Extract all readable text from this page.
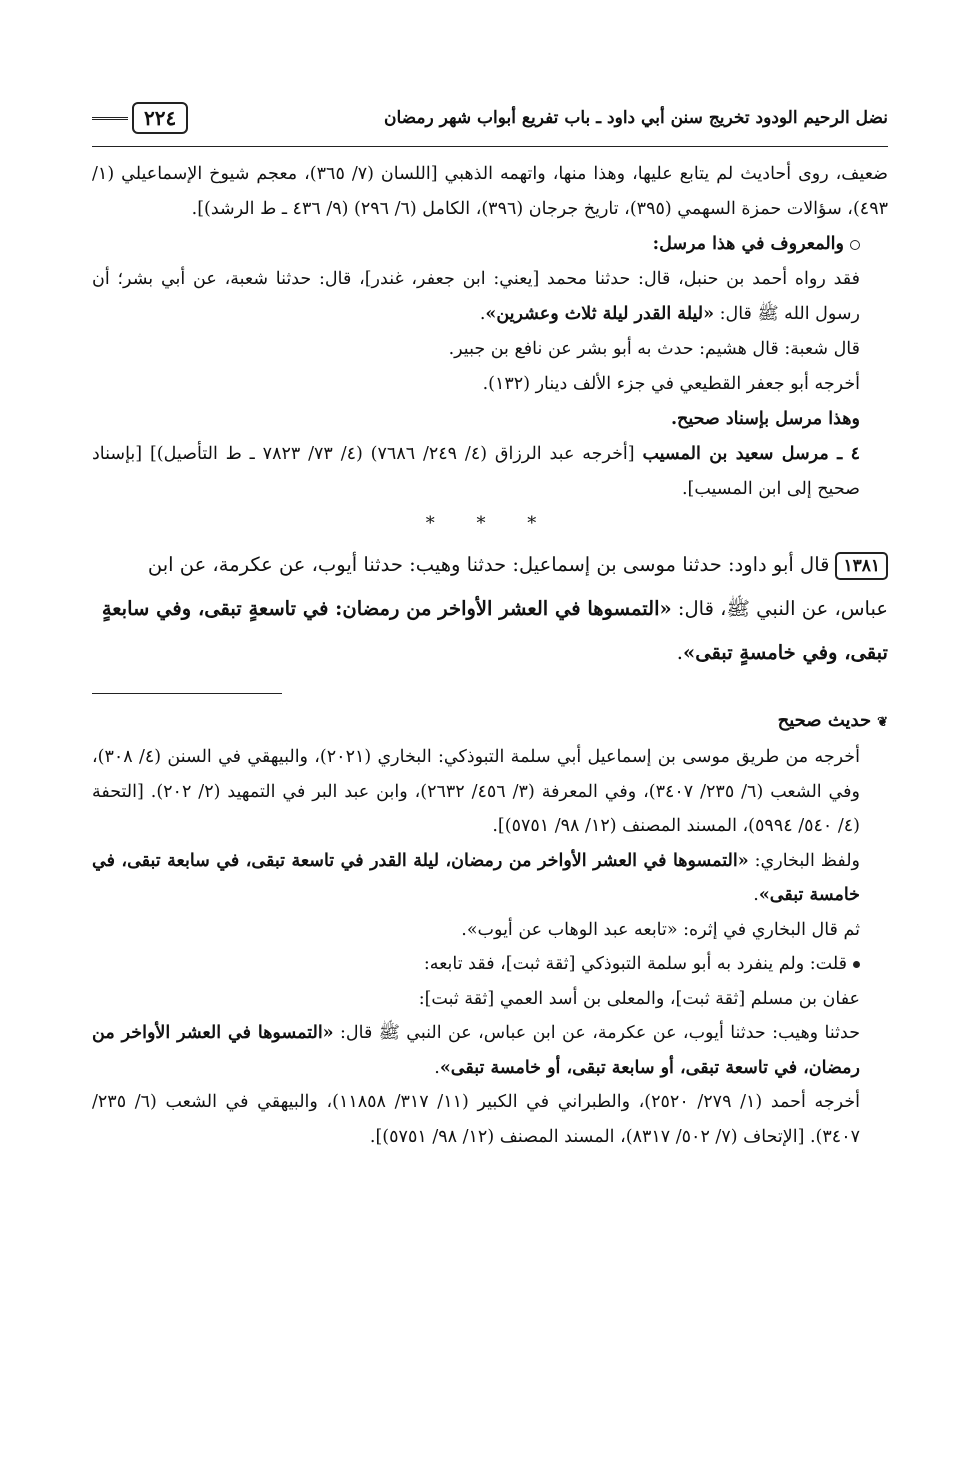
نضل الرحيم الودود تخريج سنن أبي داود ـ باب تفريع أبواب شهر رمضان
٢٢٤

ضعيف، روى أحاديث لم يتابع عليها، وهذا منها، واتهمه الذهبي [اللسان (٧/ ٣٦٥)، معجم شيوخ الإسماعيلي (١/ ٤٩٣)، سؤالات حمزة السهمي (٣٩٥)، تاريخ جرجان (٣٩٦)، الكامل (٦/ ٢٩٦) (٩/ ٤٣٦ ـ ط الرشد)].

والمعروف في هذا مرسل:

فقد رواه أحمد بن حنبل، قال: حدثنا محمد [يعني: ابن جعفر، غندر]، قال: حدثنا شعبة، عن أبي بشر؛ أن رسول الله ﷺ قال: «ليلة القدر ليلة ثلاث وعشرين».

قال شعبة: قال هشيم: حدث به أبو بشر عن نافع بن جبير.

أخرجه أبو جعفر القطيعي في جزء الألف دينار (١٣٢).

وهذا مرسل بإسناد صحيح.

٤ ـ مرسل سعيد بن المسيب [أخرجه عبد الرزاق (٤/ ٢٤٩/ ٧٦٨٦) (٤/ ٧٣/ ٧٨٢٣ ـ ط التأصيل)] [بإسناد صحيح إلى ابن المسيب].

* * *
١٣٨١قال أبو داود: حدثنا موسى بن إسماعيل: حدثنا وهيب: حدثنا أيوب، عن عكرمة، عن ابن عباس، عن النبي ﷺ، قال: «التمسوها في العشر الأواخر من رمضان: في تاسعةٍ تبقى، وفي سابعةٍ تبقى، وفي خامسةٍ تبقى».

❦حديث صحيح

أخرجه من طريق موسى بن إسماعيل أبي سلمة التبوذكي: البخاري (٢٠٢١)، والبيهقي في السنن (٤/ ٣٠٨)، وفي الشعب (٦/ ٢٣٥/ ٣٤٠٧)، وفي المعرفة (٣/ ٤٥٦/ ٢٦٣٢)، وابن عبد البر في التمهيد (٢/ ٢٠٢). [التحفة (٤/ ٥٤٠/ ٥٩٩٤)، المسند المصنف (١٢/ ٩٨/ ٥٧٥١)].

ولفظ البخاري: «التمسوها في العشر الأواخر من رمضان، ليلة القدر في تاسعة تبقى، في سابعة تبقى، في خامسة تبقى».

ثم قال البخاري في إثره: «تابعه عبد الوهاب عن أيوب».

قلت: ولم ينفرد به أبو سلمة التبوذكي [ثقة ثبت]، فقد تابعه:

عفان بن مسلم [ثقة ثبت]، والمعلى بن أسد العمي [ثقة ثبت]:

حدثنا وهيب: حدثنا أيوب، عن عكرمة، عن ابن عباس، عن النبي ﷺ قال: «التمسوها في العشر الأواخر من رمضان، في تاسعة تبقى، أو سابعة تبقى، أو خامسة تبقى».

أخرجه أحمد (١/ ٢٧٩/ ٢٥٢٠)، والطبراني في الكبير (١١/ ٣١٧/ ١١٨٥٨)، والبيهقي في الشعب (٦/ ٢٣٥/ ٣٤٠٧). [الإتحاف (٧/ ٥٠٢/ ٨٣١٧)، المسند المصنف (١٢/ ٩٨/ ٥٧٥١)].
